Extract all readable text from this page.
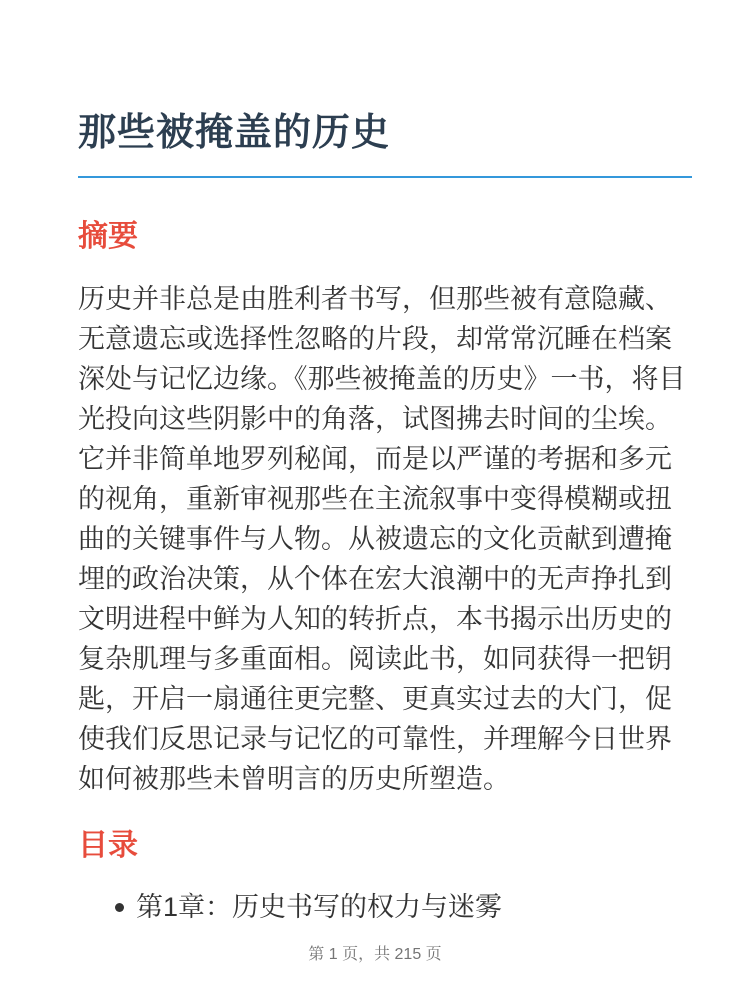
那些被掩盖的历史
摘要

历史并非总是由胜利者书写，但那些被有意隐藏、无意遗忘或选择性忽略的片段，却常常沉睡在档案深处与记忆边缘。《那些被掩盖的历史》一书，将目光投向这些阴影中的角落，试图拂去时间的尘埃。它并非简单地罗列秘闻，而是以严谨的考据和多元的视角，重新审视那些在主流叙事中变得模糊或扭曲的关键事件与人物。从被遗忘的文化贡献到遭掩埋的政治决策，从个体在宏大浪潮中的无声挣扎到文明进程中鲜为人知的转折点，本书揭示出历史的复杂肌理与多重面相。阅读此书，如同获得一把钥匙，开启一扇通往更完整、更真实过去的大门，促使我们反思记录与记忆的可靠性，并理解今日世界如何被那些未曾明言的历史所塑造。

目录
第1章：历史书写的权力与迷雾
第 1 页，共 215 页
